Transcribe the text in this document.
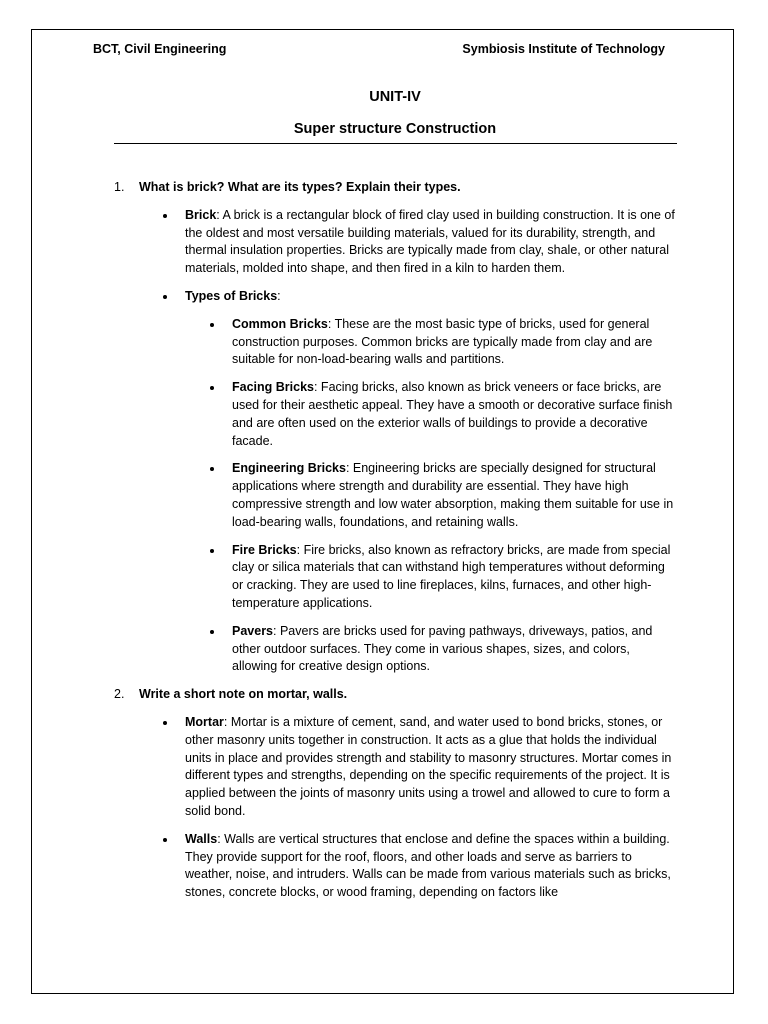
BCT, Civil Engineering	Symbiosis Institute of Technology
UNIT-IV
Super structure Construction
1. What is brick? What are its types? Explain their types.
Brick: A brick is a rectangular block of fired clay used in building construction. It is one of the oldest and most versatile building materials, valued for its durability, strength, and thermal insulation properties. Bricks are typically made from clay, shale, or other natural materials, molded into shape, and then fired in a kiln to harden them.
Types of Bricks:
Common Bricks: These are the most basic type of bricks, used for general construction purposes. Common bricks are typically made from clay and are suitable for non-load-bearing walls and partitions.
Facing Bricks: Facing bricks, also known as brick veneers or face bricks, are used for their aesthetic appeal. They have a smooth or decorative surface finish and are often used on the exterior walls of buildings to provide a decorative facade.
Engineering Bricks: Engineering bricks are specially designed for structural applications where strength and durability are essential. They have high compressive strength and low water absorption, making them suitable for use in load-bearing walls, foundations, and retaining walls.
Fire Bricks: Fire bricks, also known as refractory bricks, are made from special clay or silica materials that can withstand high temperatures without deforming or cracking. They are used to line fireplaces, kilns, furnaces, and other high-temperature applications.
Pavers: Pavers are bricks used for paving pathways, driveways, patios, and other outdoor surfaces. They come in various shapes, sizes, and colors, allowing for creative design options.
2. Write a short note on mortar, walls.
Mortar: Mortar is a mixture of cement, sand, and water used to bond bricks, stones, or other masonry units together in construction. It acts as a glue that holds the individual units in place and provides strength and stability to masonry structures. Mortar comes in different types and strengths, depending on the specific requirements of the project. It is applied between the joints of masonry units using a trowel and allowed to cure to form a solid bond.
Walls: Walls are vertical structures that enclose and define the spaces within a building. They provide support for the roof, floors, and other loads and serve as barriers to weather, noise, and intruders. Walls can be made from various materials such as bricks, stones, concrete blocks, or wood framing, depending on factors like
